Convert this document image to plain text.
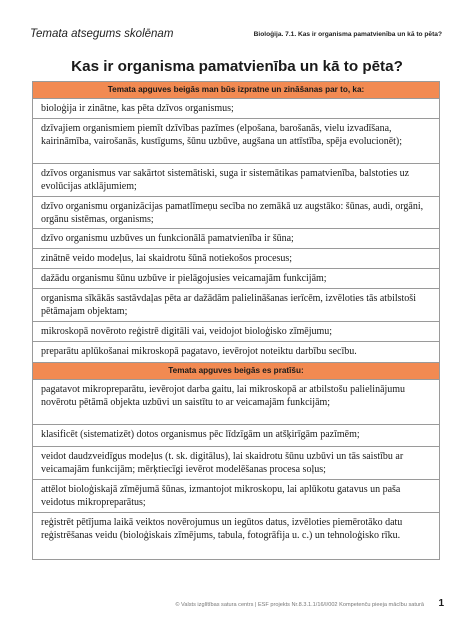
Temata atsegums skolēnam	Bioloģija. 7.1. Kas ir organisma pamatvienība un kā to pēta?
Kas ir organisma pamatvienība un kā to pēta?
Temata apguves beigās man būs izpratne un zināšanas par to, ka:
bioloģija ir zinātne, kas pēta dzīvos organismus;
dzīvajiem organismiem piemīt dzīvības pazīmes (elpošana, barošanās, vielu izvadīšana, kairināmība, vairošanās, kustīgums, šūnu uzbūve, augšana un attīstība, spēja evolucionēt);
dzīvos organismus var sakārtot sistemātiski, suga ir sistemātikas pamatvienība, balstoties uz evolūcijas atklājumiem;
dzīvo organismu organizācijas pamatlīmeņu secība no zemākā uz augstāko: šūnas, audi, orgāni, orgānu sistēmas, organisms;
dzīvo organismu uzbūves un funkcionālā pamatvienība ir šūna;
zinātnē veido modeļus, lai skaidrotu šūnā notiekošos procesus;
dažādu organismu šūnu uzbūve ir pielāgojusies veicamajām funkcijām;
organisma sīkākās sastāvdaļas pēta ar dažādām palielināšanas ierīcēm, izvēloties tās atbilstoši pētāmajam objektam;
mikroskopā novēroto reģistrē digitāli vai, veidojot bioloģisko zīmējumu;
preparātu aplūkošanai mikroskopā pagatavo, ievērojot noteiktu darbību secību.
Temata apguves beigās es pratīšu:
pagatavot mikropreparātu, ievērojot darba gaitu, lai mikroskopā ar atbilstošu palielinājumu novērotu pētāmā objekta uzbūvi un saistītu to ar veicamajām funkcijām;
klasificēt (sistematizēt) dotos organismus pēc līdzīgām un atšķirīgām pazīmēm;
veidot daudzveidīgus modeļus (t. sk. digitālus), lai skaidrotu šūnu uzbūvi un tās saistību ar veicamajām funkcijām; mērķtiecīgi ievērot modelēšanas procesa soļus;
attēlot bioloģiskajā zīmējumā šūnas, izmantojot mikroskopu, lai aplūkotu gatavus un paša veidotus mikropreparātus;
reģistrēt pētījuma laikā veiktos novērojumus un iegūtos datus, izvēloties piemērotāko datu reģistrēšanas veidu (bioloģiskais zīmējums, tabula, fotogrāfija u. c.) un tehnoloģisko rīku.
© Valsts izglītības satura centrs | ESF projekts Nr.8.3.1.1/16/I/002 Kompetenču pieeja mācību saturā 1
